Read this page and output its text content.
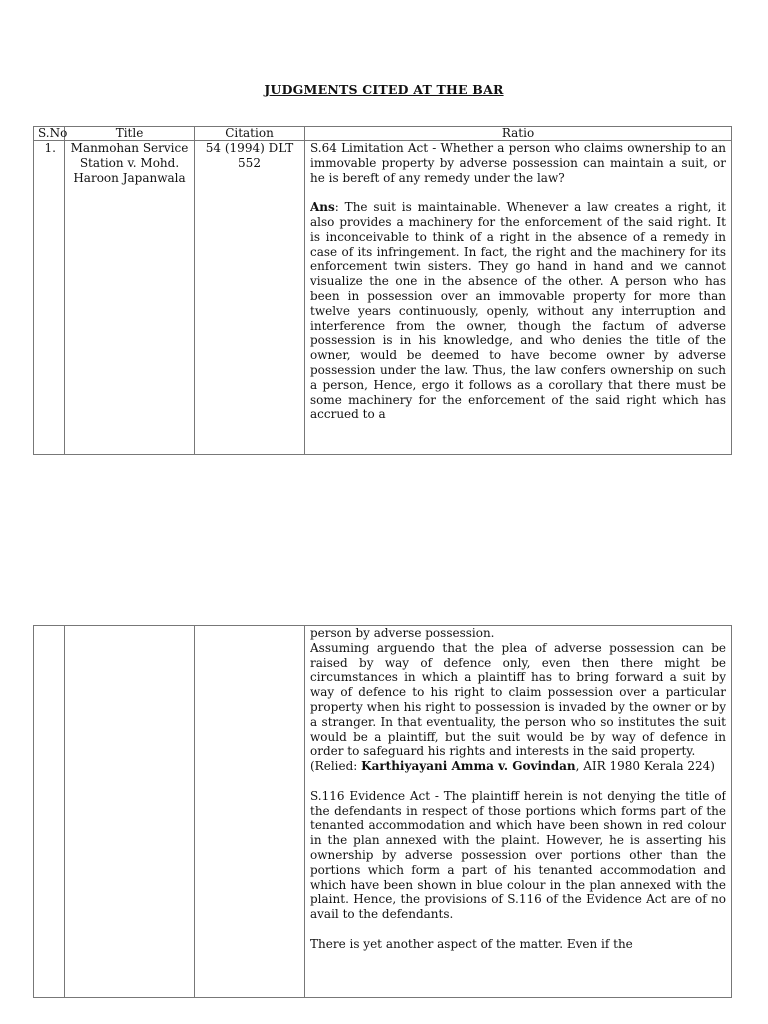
JUDGMENTS CITED AT THE BAR
S.No	Title	Citation	Ratio
1.	Manmohan Service Station v. Mohd. Haroon Japanwala	54 (1994) DLT 552	S.64 Limitation Act - Whether a person who claims ownership to an immovable property by adverse possession can maintain a suit, or he is bereft of any remedy under the law?

Ans: The suit is maintainable. Whenever a law creates a right, it also provides a machinery for the enforcement of the said right. It is inconceivable to think of a right in the absence of a remedy in case of its infringement. In fact, the right and the machinery for its enforcement twin sisters. They go hand in hand and we cannot visualize the one in the absence of the other. A person who has been in possession over an immovable property for more than twelve years continuously, openly, without any interruption and interference from the owner, though the factum of adverse possession is in his knowledge, and who denies the title of the owner, would be deemed to have become owner by adverse possession under the law. Thus, the law confers ownership on such a person, Hence, ergo it follows as a corollary that there must be some machinery for the enforcement of the said right which has accrued to a

person by adverse possession.

Assuming arguendo that the plea of adverse possession can be raised by way of defence only, even then there might be circumstances in which a plaintiff has to bring forward a suit by way of defence to his right to claim possession over a particular property when his right to possession is invaded by the owner or by a stranger. In that eventuality, the person who so institutes the suit would be a plaintiff, but the suit would be by way of defence in order to safeguard his rights and interests in the said property.

(Relied: Karthiyayani Amma v. Govindan, AIR 1980 Kerala 224)

S.116 Evidence Act - The plaintiff herein is not denying the title of the defendants in respect of those portions which forms part of the tenanted accommodation and which have been shown in red colour in the plan annexed with the plaint. However, he is asserting his ownership by adverse possession over portions other than the portions which form a part of his tenanted accommodation and which have been shown in blue colour in the plan annexed with the plaint. Hence, the provisions of S.116 of the Evidence Act are of no avail to the defendants.

There is yet another aspect of the matter. Even if the
